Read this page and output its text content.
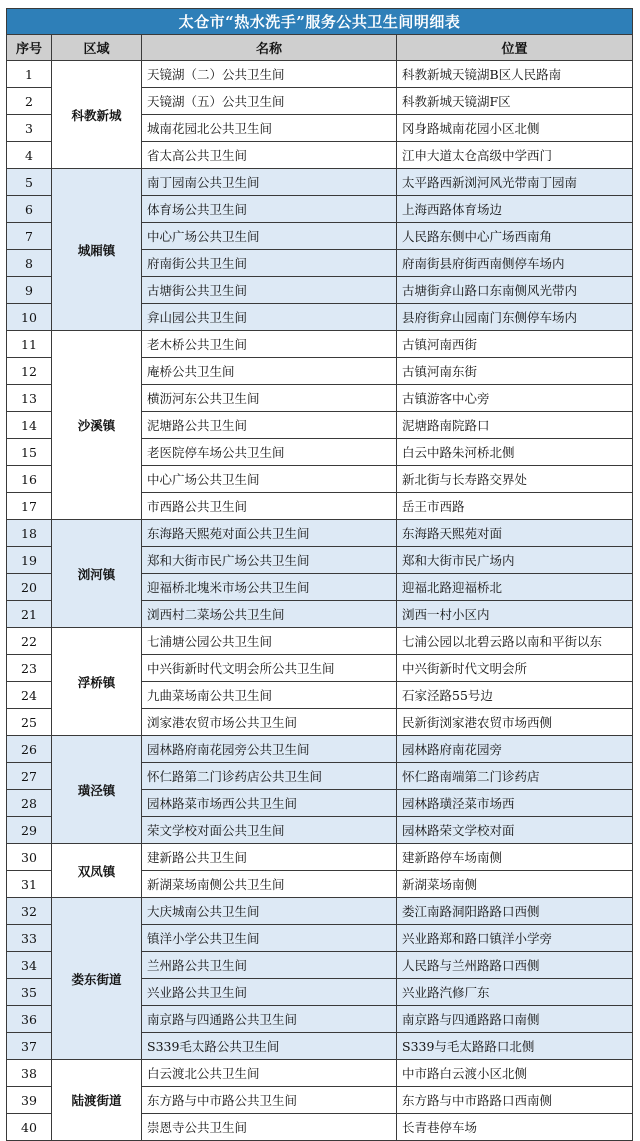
太仓市“热水洗手”服务公共卫生间明细表			
序号	区域	名称	位置
1	科教新城	天镜湖（二）公共卫生间	科教新城天镜湖B区人民路南
2		天镜湖（五）公共卫生间	科教新城天镜湖F区
3		城南花园北公共卫生间	冈身路城南花园小区北侧
4		省太高公共卫生间	江申大道太仓高级中学西门
5	城厢镇	南丁园南公共卫生间	太平路西新浏河风光带南丁园南
6		体育场公共卫生间	上海西路体育场边
7		中心广场公共卫生间	人民路东侧中心广场西南角
8		府南街公共卫生间	府南街县府街西南侧停车场内
9		古塘街公共卫生间	古塘街弇山路口东南侧风光带内
10		弇山园公共卫生间	县府街弇山园南门东侧停车场内
11	沙溪镇	老木桥公共卫生间	古镇河南西街
12		庵桥公共卫生间	古镇河南东街
13		横沥河东公共卫生间	古镇游客中心旁
14		泥塘路公共卫生间	泥塘路南院路口
15		老医院停车场公共卫生间	白云中路朱河桥北侧
16		中心广场公共卫生间	新北街与长寿路交界处
17		市西路公共卫生间	岳王市西路
18	浏河镇	东海路天熙苑对面公共卫生间	东海路天熙苑对面
19		郑和大街市民广场公共卫生间	郑和大街市民广场内
20		迎福桥北塊米市场公共卫生间	迎福北路迎福桥北
21		浏西村二菜场公共卫生间	浏西一村小区内
22	浮桥镇	七浦塘公园公共卫生间	七浦公园以北碧云路以南和平街以东
23		中兴街新时代文明会所公共卫生间	中兴街新时代文明会所
24		九曲菜场南公共卫生间	石家泾路55号边
25		浏家港农贸市场公共卫生间	民新街浏家港农贸市场西侧
26	璜泾镇	园林路府南花园旁公共卫生间	园林路府南花园旁
27		怀仁路第二门诊药店公共卫生间	怀仁路南端第二门诊药店
28		园林路菜市场西公共卫生间	园林路璜泾菜市场西
29		荣文学校对面公共卫生间	园林路荣文学校对面
30	双凤镇	建新路公共卫生间	建新路停车场南侧
31		新湖菜场南侧公共卫生间	新湖菜场南侧
32	娄东街道	大庆城南公共卫生间	娄江南路洞阳路路口西侧
33		镇洋小学公共卫生间	兴业路郑和路口镇洋小学旁
34		兰州路公共卫生间	人民路与兰州路路口西侧
35		兴业路公共卫生间	兴业路汽修厂东
36		南京路与四通路公共卫生间	南京路与四通路路口南侧
37		S339毛太路公共卫生间	S339与毛太路路口北侧
38	陆渡街道	白云渡北公共卫生间	中市路白云渡小区北侧
39		东方路与中市路公共卫生间	东方路与中市路路口西南侧
40		崇恩寺公共卫生间	长青巷停车场
